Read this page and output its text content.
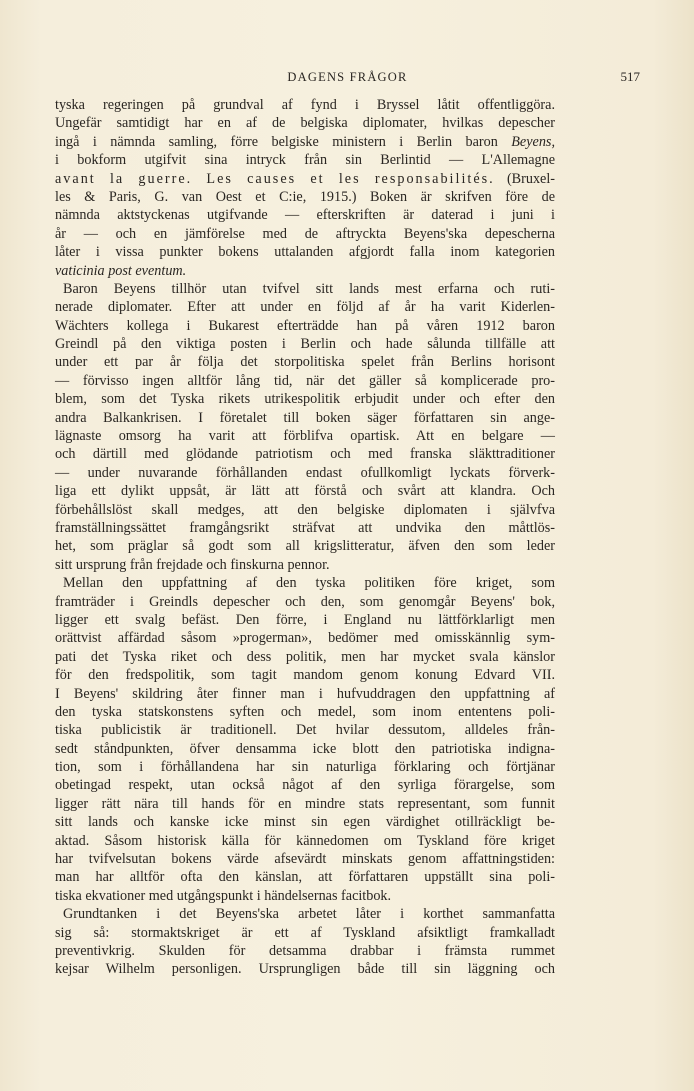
DAGENS FRÅGOR	517
tyska regeringen på grundval af fynd i Bryssel låtit offentliggöra.
Ungefär samtidigt har en af de belgiska diplomater, hvilkas depescher
ingå i nämnda samling, förre belgiske ministern i Berlin baron Beyens,
i bokform utgifvit sina intryck från sin Berlintid — L'Allemagne
avant la guerre. Les causes et les responsabilités. (Bruxel-
les & Paris, G. van Oest et C:ie, 1915.) Boken är skrifven före de
nämnda aktstyckenas utgifvande — efterskriften är daterad i juni i
år — och en jämförelse med de aftryckta Beyens'ska depescherna
låter i vissa punkter bokens uttalanden afgjordt falla inom kategorien
vaticinia post eventum.
Baron Beyens tillhör utan tvifvel sitt lands mest erfarna och ruti-
nerade diplomater. Efter att under en följd af år ha varit Kiderlen-
Wächters kollega i Bukarest efterträdde han på våren 1912 baron
Greindl på den viktiga posten i Berlin och hade sålunda tillfälle att
under ett par år följa det storpolitiska spelet från Berlins horisont
— förvisso ingen alltför lång tid, när det gäller så komplicerade pro-
blem, som det Tyska rikets utrikespolitik erbjudit under och efter den
andra Balkankrisen. I företalet till boken säger författaren sin ange-
lägnaste omsorg ha varit att förblifva opartisk. Att en belgare —
och därtill med glödande patriotism och med franska släkttraditioner
— under nuvarande förhållanden endast ofullkomligt lyckats förverk-
liga ett dylikt uppsåt, är lätt att förstå och svårt att klandra. Och
förbehållslöst skall medges, att den belgiske diplomaten i självfva
framställningssättet framgångsrikt sträfvat att undvika den måttlös-
het, som präglar så godt som all krigslitteratur, äfven den som leder
sitt ursprung från frejdade och finskurna pennor.
Mellan den uppfattning af den tyska politiken före kriget, som
framträder i Greindls depescher och den, som genomgår Beyens' bok,
ligger ett svalg befäst. Den förre, i England nu lättförklarligt men
orättvist affärdad såsom »progerman», bedömer med omisskännlig sym-
pati det Tyska riket och dess politik, men har mycket svala känslor
för den fredspolitik, som tagit mandom genom konung Edvard VII.
I Beyens' skildring åter finner man i hufvuddragen den uppfattning af
den tyska statskonstens syften och medel, som inom ententens poli-
tiska publicistik är traditionell. Det hvilar dessutom, alldeles från-
sedt ståndpunkten, öfver densamma icke blott den patriotiska indigna-
tion, som i förhållandena har sin naturliga förklaring och förtjänar
obetingad respekt, utan också något af den syrliga förargelse, som
ligger rätt nära till hands för en mindre stats representant, som funnit
sitt lands och kanske icke minst sin egen värdighet otillräckligt be-
aktad. Såsom historisk källa för kännedomen om Tyskland före kriget
har tvifvelsutan bokens värde afsevärdt minskats genom affattningstiden:
man har alltför ofta den känslan, att författaren uppställt sina poli-
tiska ekvationer med utgångspunkt i händelsernas facitbok.
Grundtanken i det Beyens'ska arbetet låter i korthet sammanfatta
sig så: stormaktskriget är ett af Tyskland afsiktligt framkalladt
preventivkrig. Skulden för detsamma drabbar i främsta rummet
kejsar Wilhelm personligen. Ursprungligen både till sin läggning och
